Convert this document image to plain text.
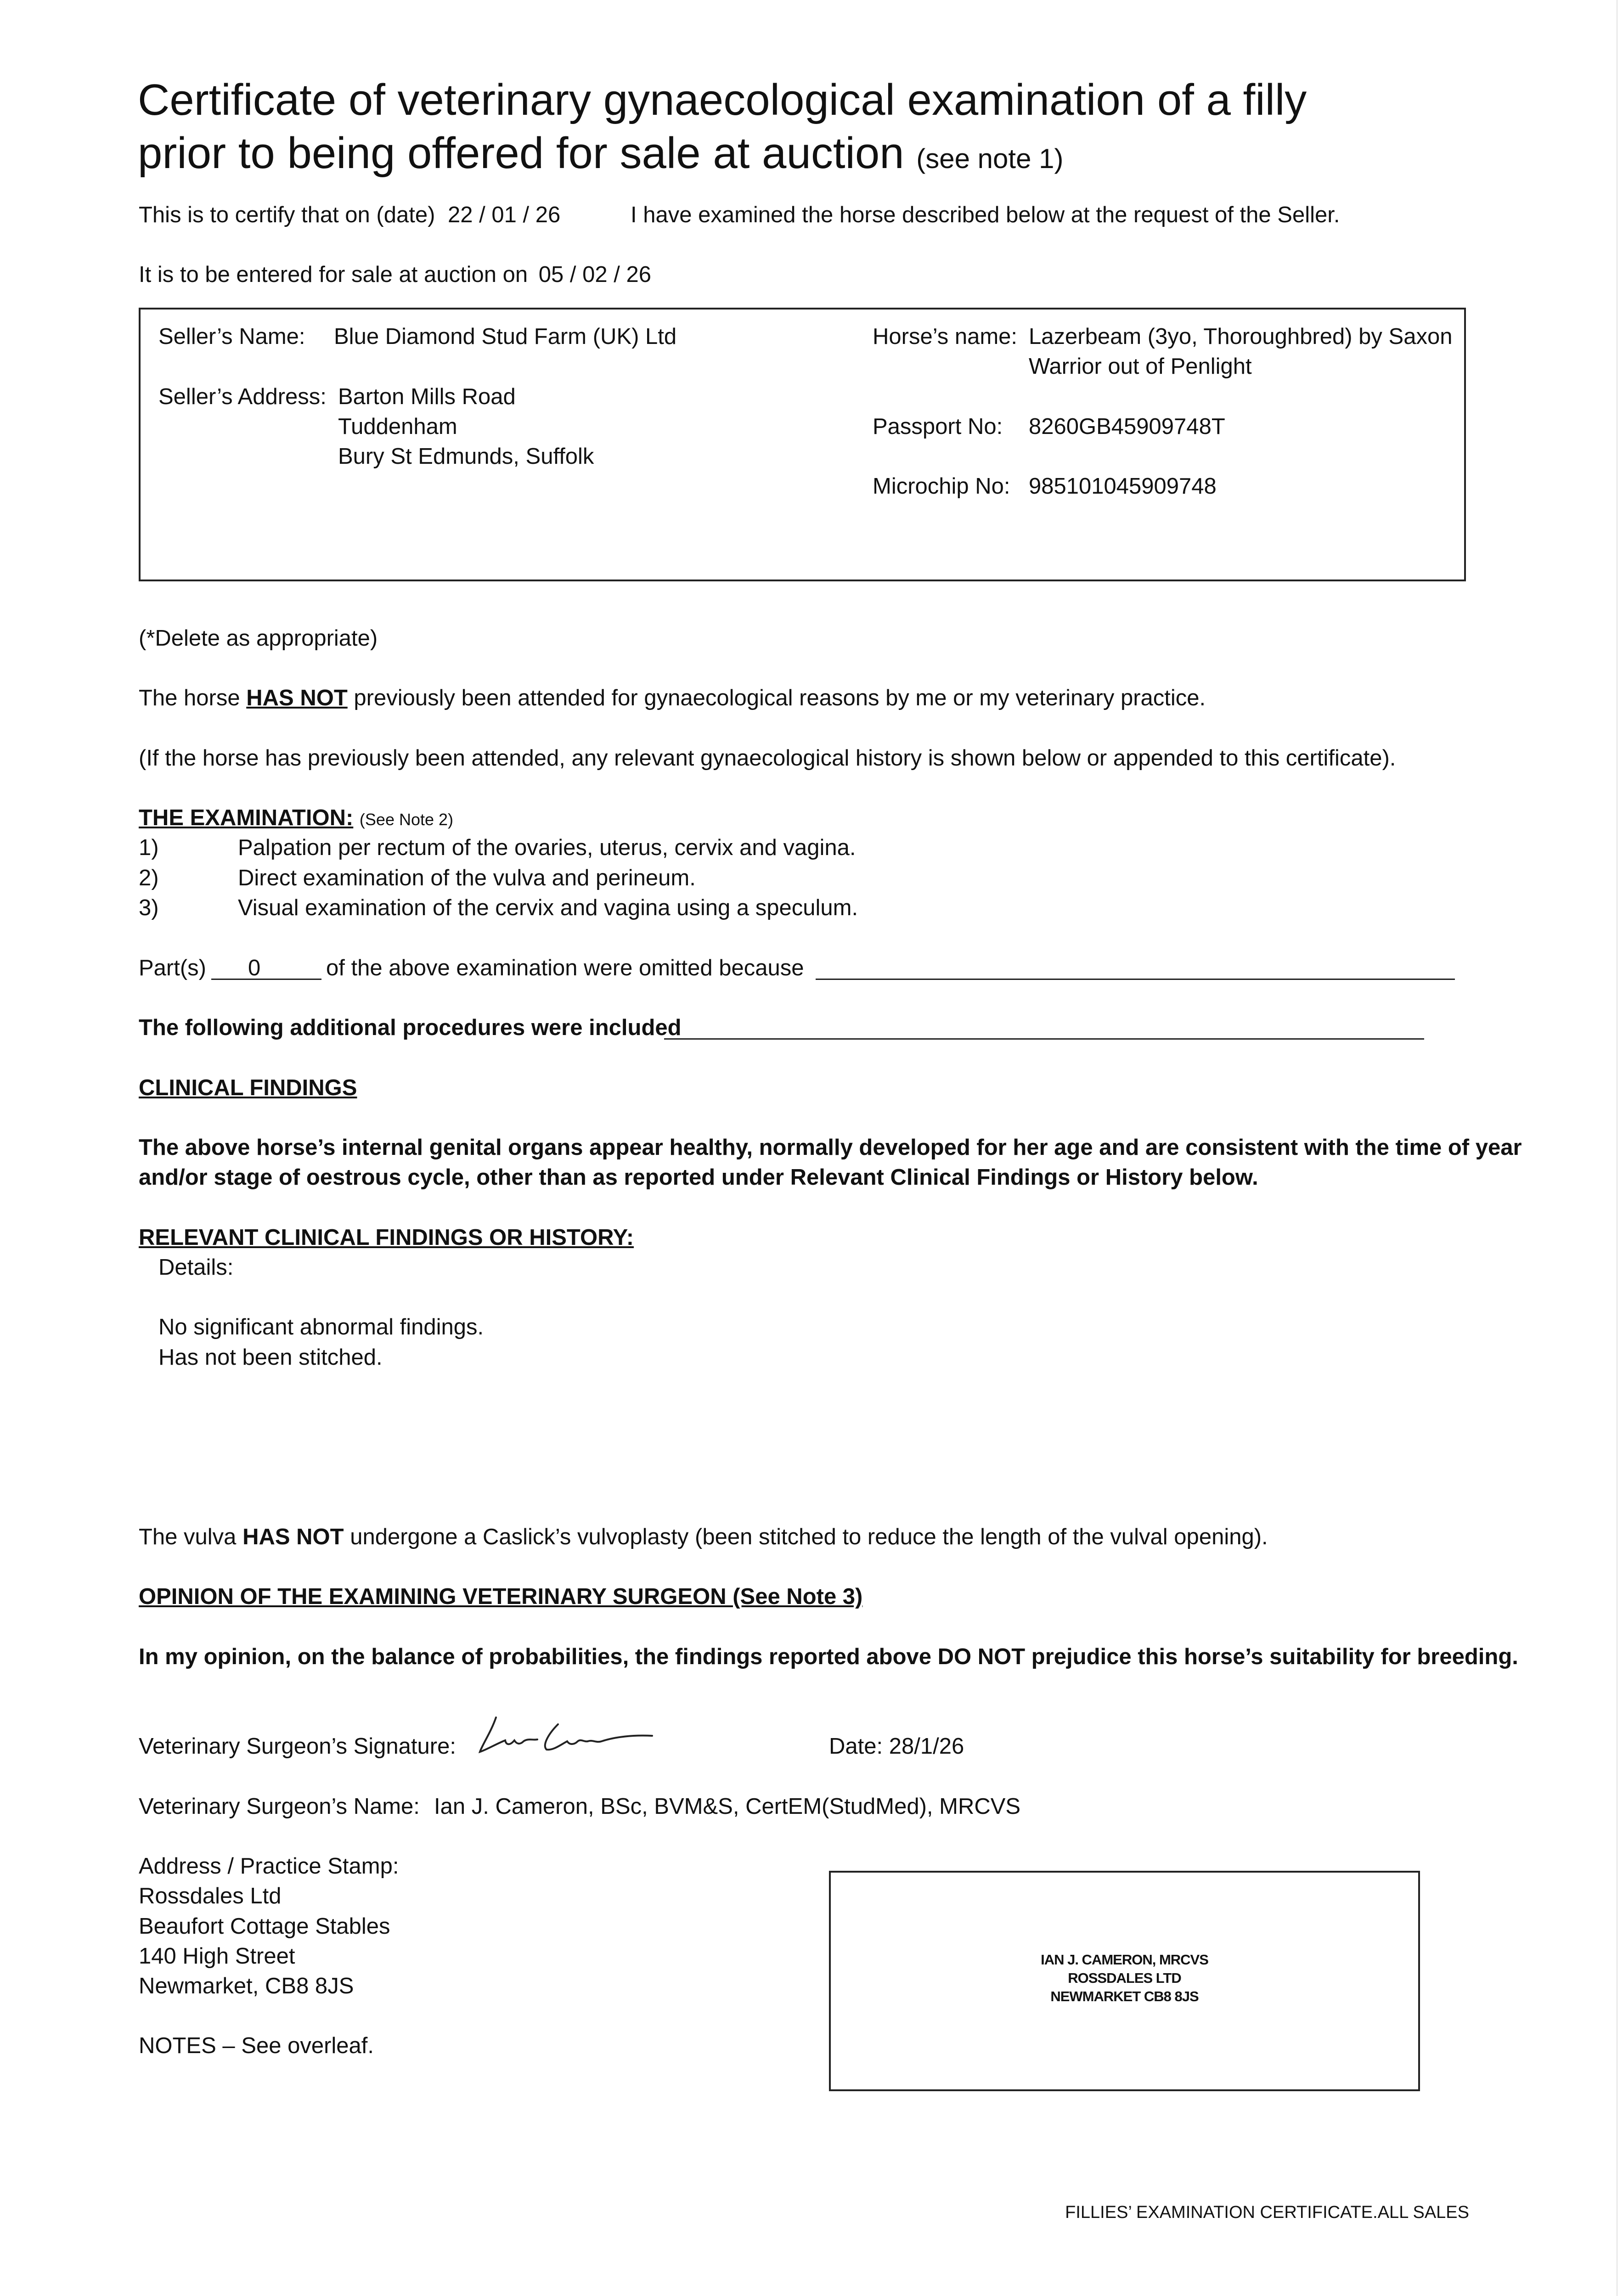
Certificate of veterinary gynaecological examination of a filly
prior to being offered for sale at auction (see note 1)
This is to certify that on (date) 22 / 01 / 26	I have examined the horse described below at the request of the Seller.
It is to be entered for sale at auction on 05 / 02 / 26
Seller’s Name: Blue Diamond Stud Farm (UK) Ltd
Seller’s Address: Barton Mills Road
Tuddenham
Bury St Edmunds, Suffolk
Horse’s name: Lazerbeam (3yo, Thoroughbred) by Saxon
Warrior out of Penlight
Passport No: 8260GB45909748T
Microchip No: 985101045909748
(*Delete as appropriate)
The horse HAS NOT previously been attended for gynaecological reasons by me or my veterinary practice.
(If the horse has previously been attended, any relevant gynaecological history is shown below or appended to this certificate).
THE EXAMINATION: (See Note 2)
1)	Palpation per rectum of the ovaries, uterus, cervix and vagina.
2)	Direct examination of the vulva and perineum.
3)	Visual examination of the cervix and vagina using a speculum.
Part(s) 0	of the above examination were omitted because
The following additional procedures were included
CLINICAL FINDINGS
The above horse’s internal genital organs appear healthy, normally developed for her age and are consistent with the time of year
and/or stage of oestrous cycle, other than as reported under Relevant Clinical Findings or History below.
RELEVANT CLINICAL FINDINGS OR HISTORY:
Details:
No significant abnormal findings.
Has not been stitched.
The vulva HAS NOT undergone a Caslick’s vulvoplasty (been stitched to reduce the length of the vulval opening).
OPINION OF THE EXAMINING VETERINARY SURGEON (See Note 3)
In my opinion, on the balance of probabilities, the findings reported above DO NOT prejudice this horse’s suitability for breeding.
Veterinary Surgeon’s Signature:	Date: 28/1/26
Veterinary Surgeon’s Name: Ian J. Cameron, BSc, BVM&S, CertEM(StudMed), MRCVS
Address / Practice Stamp:
Rossdales Ltd
Beaufort Cottage Stables
140 High Street
Newmarket, CB8 8JS
NOTES – See overleaf.
IAN J. CAMERON, MRCVS
ROSSDALES LTD
NEWMARKET CB8 8JS
FILLIES’ EXAMINATION CERTIFICATE.ALL SALES
